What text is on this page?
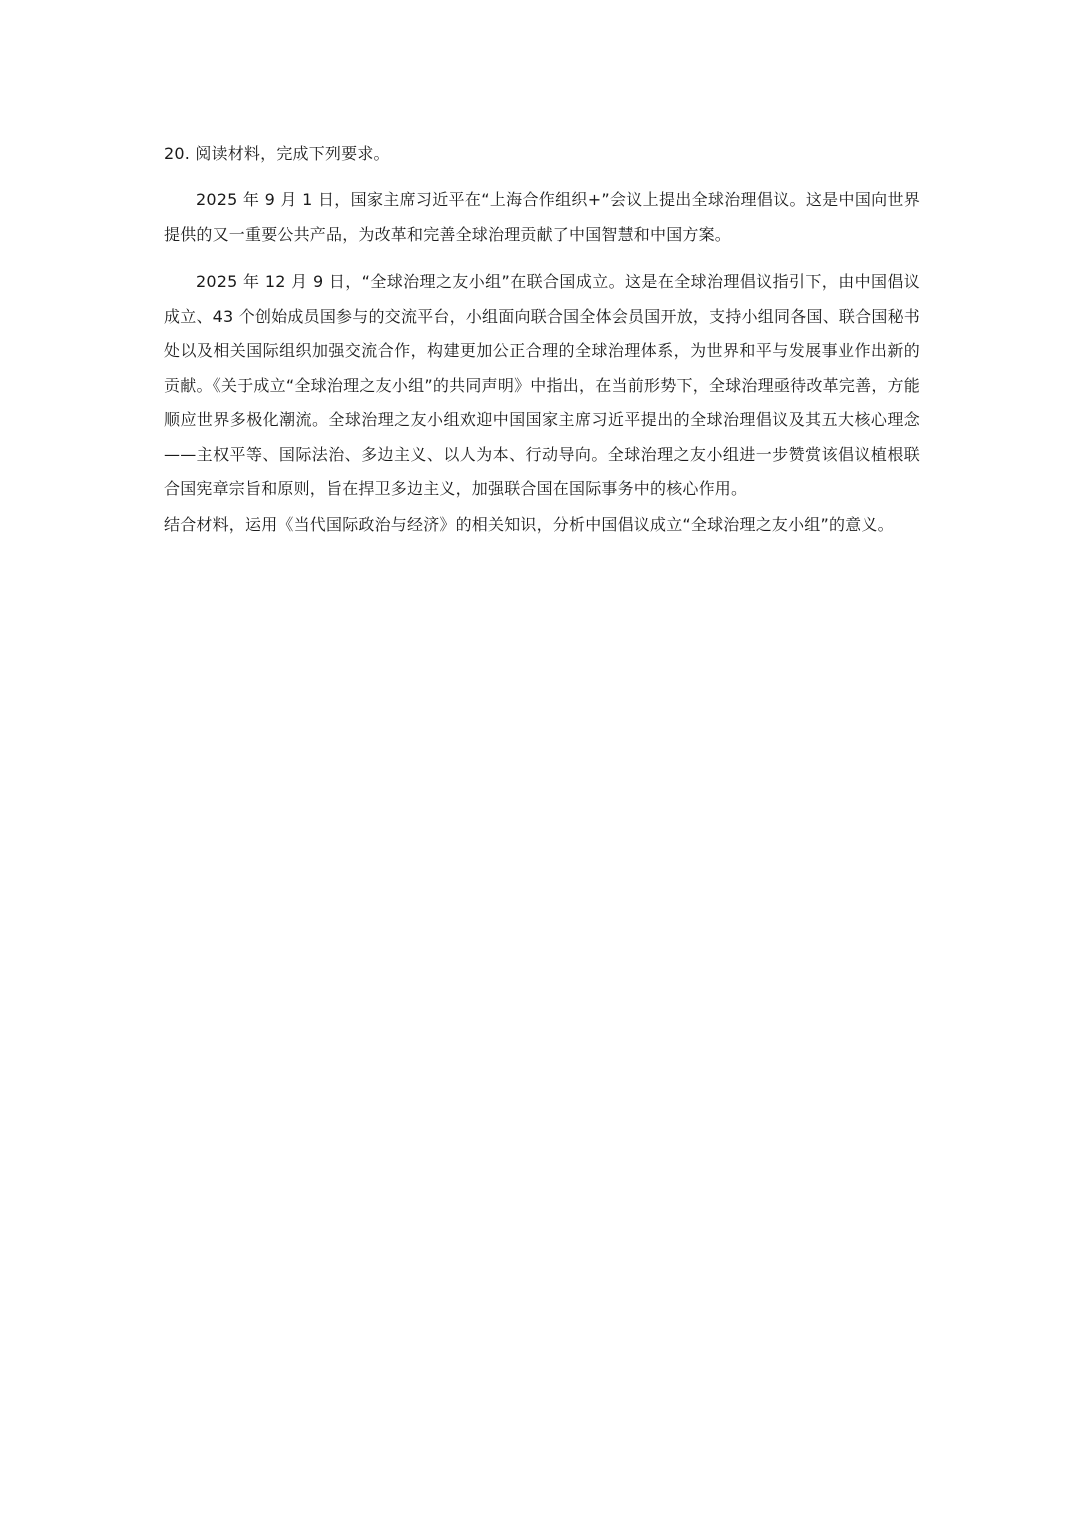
20. 阅读材料，完成下列要求。

2025 年 9 月 1 日，国家主席习近平在“上海合作组织+”会议上提出全球治理倡议。这是中国向世界提供的又一重要公共产品，为改革和完善全球治理贡献了中国智慧和中国方案。

2025 年 12 月 9 日，“全球治理之友小组”在联合国成立。这是在全球治理倡议指引下，由中国倡议成立、43 个创始成员国参与的交流平台，小组面向联合国全体会员国开放，支持小组同各国、联合国秘书处以及相关国际组织加强交流合作，构建更加公正合理的全球治理体系，为世界和平与发展事业作出新的贡献。《关于成立“全球治理之友小组”的共同声明》中指出，在当前形势下，全球治理亟待改革完善，方能顺应世界多极化潮流。全球治理之友小组欢迎中国国家主席习近平提出的全球治理倡议及其五大核心理念——主权平等、国际法治、多边主义、以人为本、行动导向。全球治理之友小组进一步赞赏该倡议植根联合国宪章宗旨和原则，旨在捍卫多边主义，加强联合国在国际事务中的核心作用。

结合材料，运用《当代国际政治与经济》的相关知识，分析中国倡议成立“全球治理之友小组”的意义。
